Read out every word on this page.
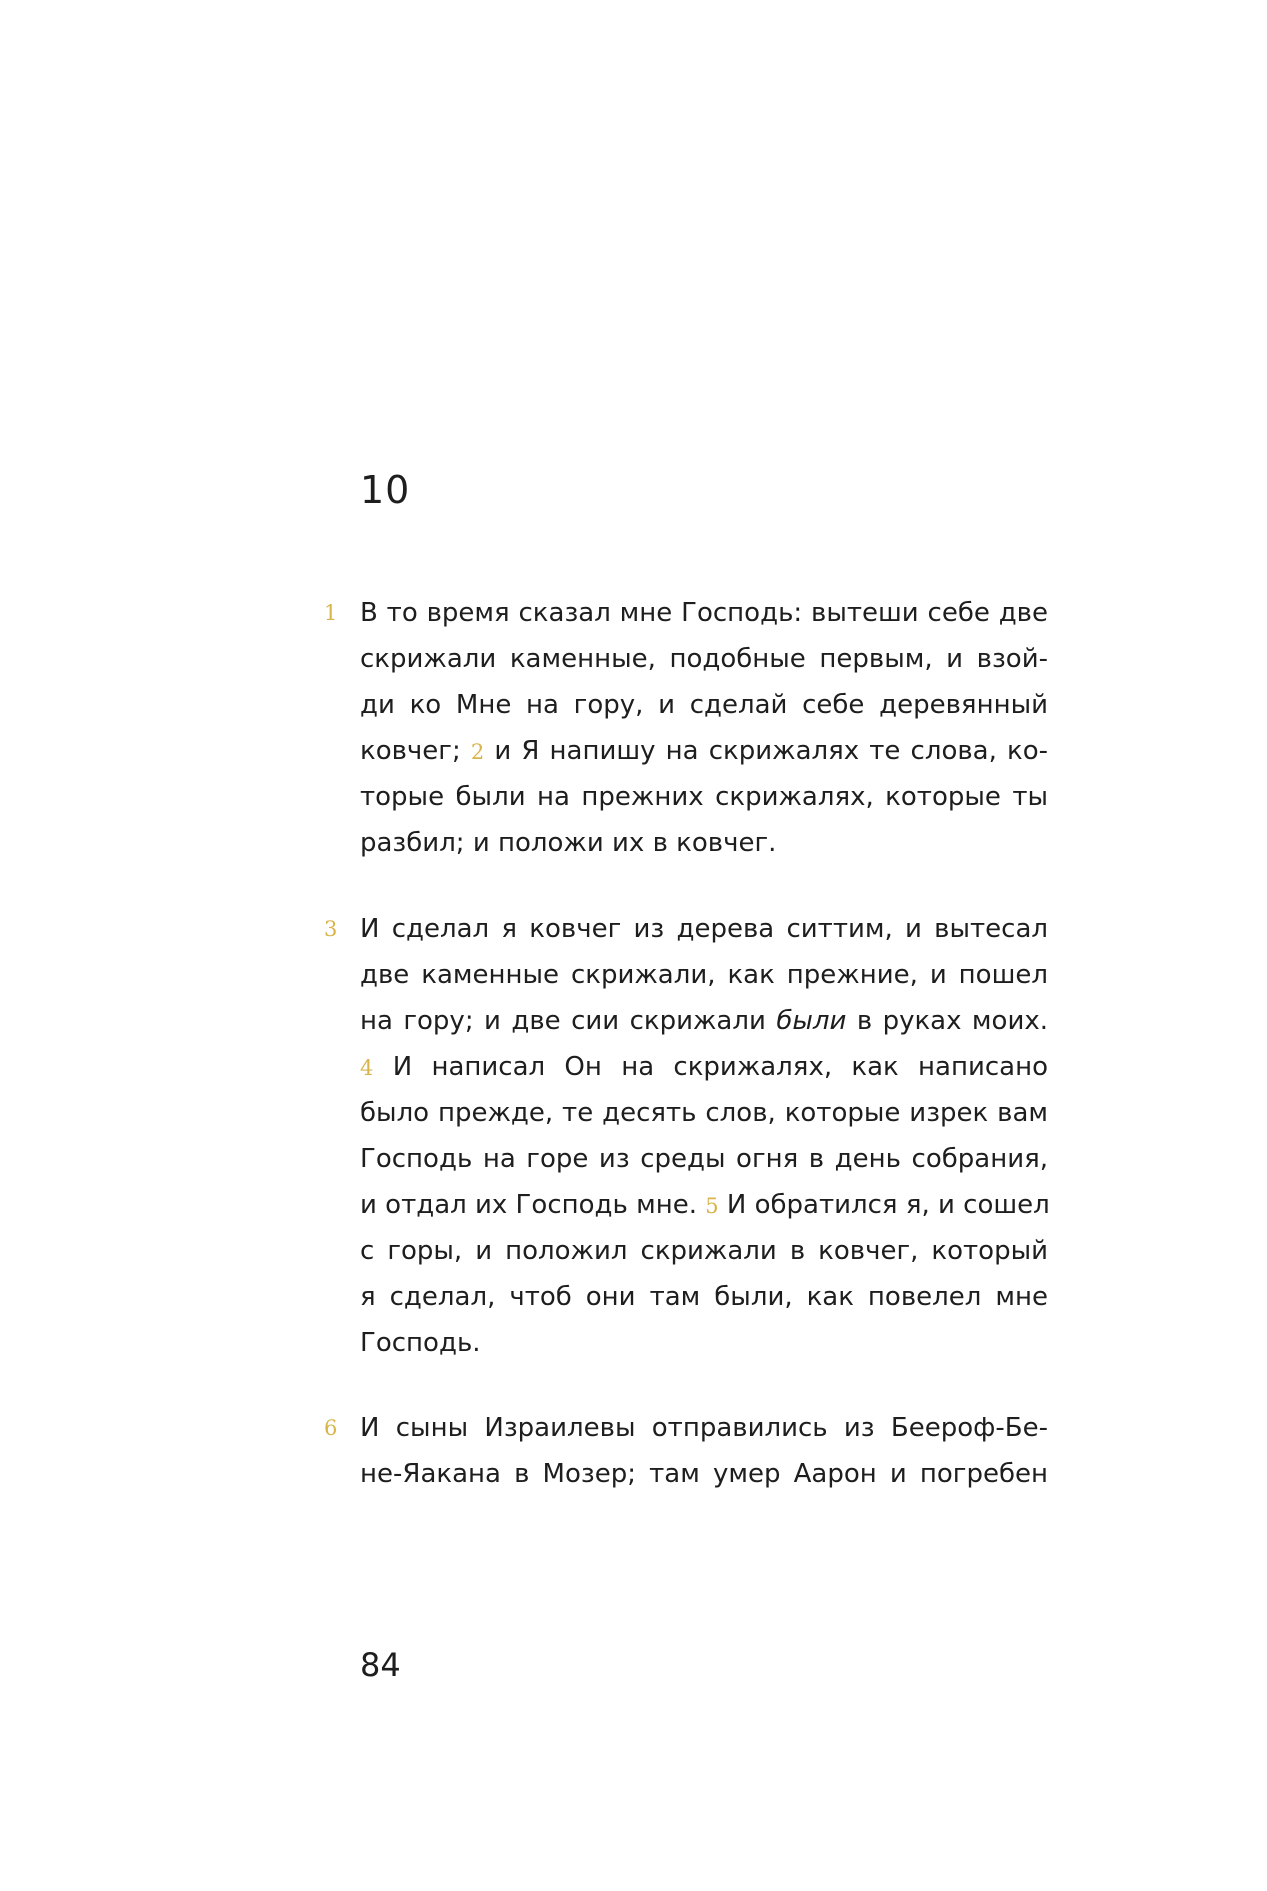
10
1 В то время сказал мне Господь: вытеши себе две
скрижали каменные, подобные первым, и взой-
ди ко Мне на гору, и сделай себе деревянный
ковчег; 2 и Я напишу на скрижалях те слова, ко-
торые были на прежних скрижалях, которые ты
разбил; и положи их в ковчег.
3 И сделал я ковчег из дерева ситтим, и вытесал
две каменные скрижали, как прежние, и пошел
на гору; и две сии скрижали были в руках моих.
4 И написал Он на скрижалях, как написано
было прежде, те десять слов, которые изрек вам
Господь на горе из среды огня в день собрания,
и отдал их Господь мне. 5 И обратился я, и сошел
с горы, и положил скрижали в ковчег, который
я сделал, чтоб они там были, как повелел мне
Господь.
6 И сыны Израилевы отправились из Бееpоф-Бе-
не-Яакана в Мозер; там умер Аарон и погребен
84
